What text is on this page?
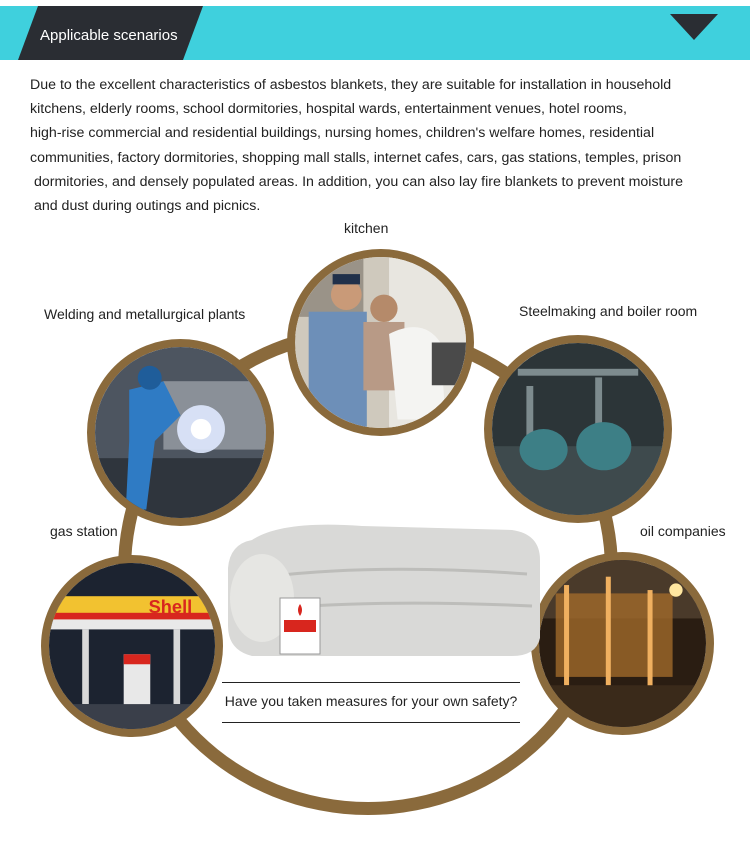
Applicable scenarios

Due to the excellent characteristics of asbestos blankets, they are suitable for installation in household

kitchens, elderly rooms, school dormitories, hospital wards, entertainment venues, hotel rooms,

high-rise commercial and residential buildings, nursing homes, children's welfare homes, residential

communities, factory dormitories, shopping mall stalls, internet cafes, cars, gas stations, temples, prison

dormitories, and densely populated areas. In addition, you can also lay fire blankets to prevent moisture

and dust during outings and picnics.

kitchen
Welding and metallurgical plants	Steelmaking and boiler room
gas station	oil companies
Shell
Have you taken measures for your own safety?
